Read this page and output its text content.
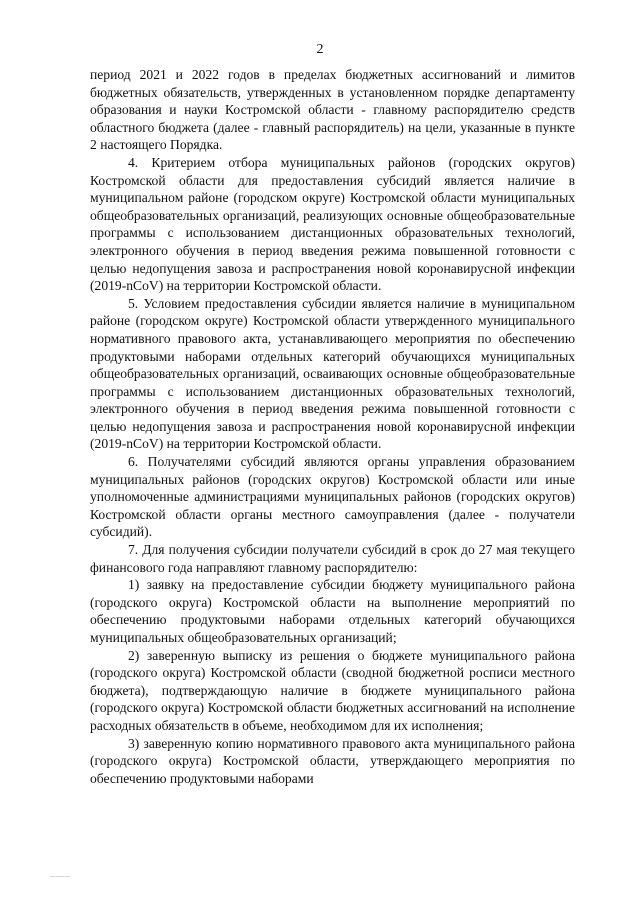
2

период 2021 и 2022 годов в пределах бюджетных ассигнований и лимитов бюджетных обязательств, утвержденных в установленном порядке департаменту образования и науки Костромской области - главному распорядителю средств областного бюджета (далее - главный распорядитель) на цели, указанные в пункте 2 настоящего Порядка.

4. Критерием отбора муниципальных районов (городских округов) Костромской области для предоставления субсидий является наличие в муниципальном районе (городском округе) Костромской области муниципальных общеобразовательных организаций, реализующих основные общеобразовательные программы с использованием дистанционных образовательных технологий, электронного обучения в период введения режима повышенной готовности с целью недопущения завоза и распространения новой коронавирусной инфекции (2019-nCoV) на территории Костромской области.

5. Условием предоставления субсидии является наличие в муниципальном районе (городском округе) Костромской области утвержденного муниципального нормативного правового акта, устанавливающего мероприятия по обеспечению продуктовыми наборами отдельных категорий обучающихся муниципальных общеобразовательных организаций, осваивающих основные общеобразовательные программы с использованием дистанционных образовательных технологий, электронного обучения в период введения режима повышенной готовности с целью недопущения завоза и распространения новой коронавирусной инфекции (2019-nCoV) на территории Костромской области.

6. Получателями субсидий являются органы управления образованием муниципальных районов (городских округов) Костромской области или иные уполномоченные администрациями муниципальных районов (городских округов) Костромской области органы местного самоуправления (далее - получатели субсидий).

7. Для получения субсидии получатели субсидий в срок до 27 мая текущего финансового года направляют главному распорядителю:

1) заявку на предоставление субсидии бюджету муниципального района (городского округа) Костромской области на выполнение мероприятий по обеспечению продуктовыми наборами отдельных категорий обучающихся муниципальных общеобразовательных организаций;

2) заверенную выписку из решения о бюджете муниципального района (городского округа) Костромской области (сводной бюджетной росписи местного бюджета), подтверждающую наличие в бюджете муниципального района (городского округа) Костромской области бюджетных ассигнований на исполнение расходных обязательств в объеме, необходимом для их исполнения;

3) заверенную копию нормативного правового акта муниципального района (городского округа) Костромской области, утверждающего мероприятия по обеспечению продуктовыми наборами
